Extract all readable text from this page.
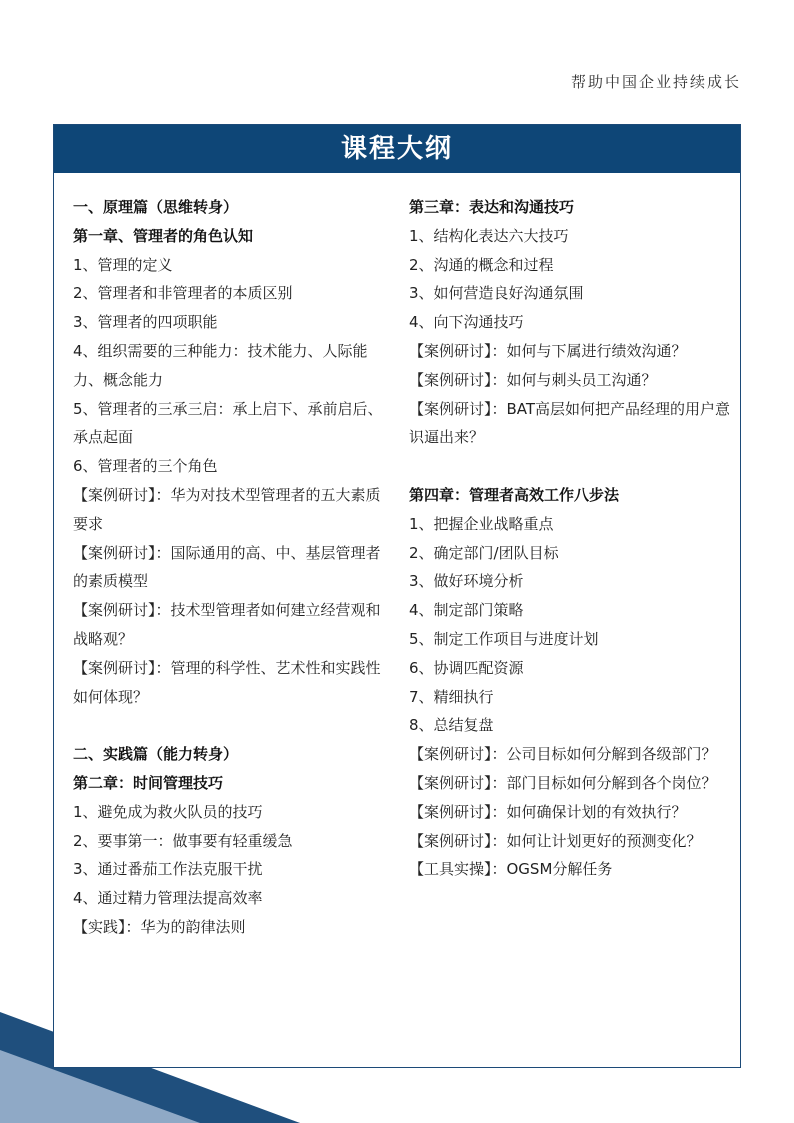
帮助中国企业持续成长
课程大纲
一、原理篇（思维转身）
第一章、管理者的角色认知
1、管理的定义
2、管理者和非管理者的本质区别
3、管理者的四项职能
4、组织需要的三种能力：技术能力、人际能力、概念能力
5、管理者的三承三启：承上启下、承前启后、承点起面
6、管理者的三个角色
【案例研讨】：华为对技术型管理者的五大素质要求
【案例研讨】：国际通用的高、中、基层管理者的素质模型
【案例研讨】：技术型管理者如何建立经营观和战略观？
【案例研讨】：管理的科学性、艺术性和实践性如何体现？
二、实践篇（能力转身）
第二章：时间管理技巧
1、避免成为救火队员的技巧
2、要事第一：做事要有轻重缓急
3、通过番茄工作法克服干扰
4、通过精力管理法提高效率
【实践】：华为的韵律法则
第三章：表达和沟通技巧
1、结构化表达六大技巧
2、沟通的概念和过程
3、如何营造良好沟通氛围
4、向下沟通技巧
【案例研讨】：如何与下属进行绩效沟通？
【案例研讨】：如何与刺头员工沟通？
【案例研讨】：BAT高层如何把产品经理的用户意识逼出来？
第四章：管理者高效工作八步法
1、把握企业战略重点
2、确定部门/团队目标
3、做好环境分析
4、制定部门策略
5、制定工作项目与进度计划
6、协调匹配资源
7、精细执行
8、总结复盘
【案例研讨】：公司目标如何分解到各级部门？
【案例研讨】：部门目标如何分解到各个岗位？
【案例研讨】：如何确保计划的有效执行？
【案例研讨】：如何让计划更好的预测变化？
【工具实操】：OGSM分解任务
